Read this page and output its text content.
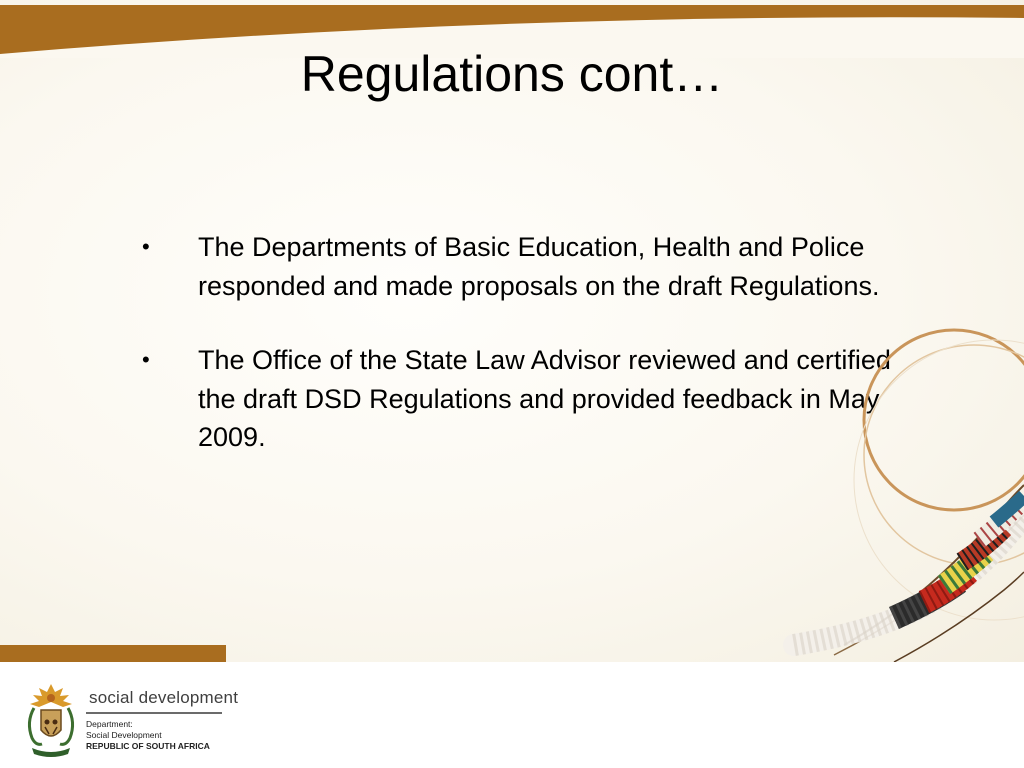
Regulations cont…
• The Departments of Basic Education, Health and Police responded and made proposals on the draft Regulations.
• The Office of the State Law Advisor reviewed and certified the draft DSD Regulations and provided feedback in May 2009.
social development
Department:
Social Development
REPUBLIC OF SOUTH AFRICA
